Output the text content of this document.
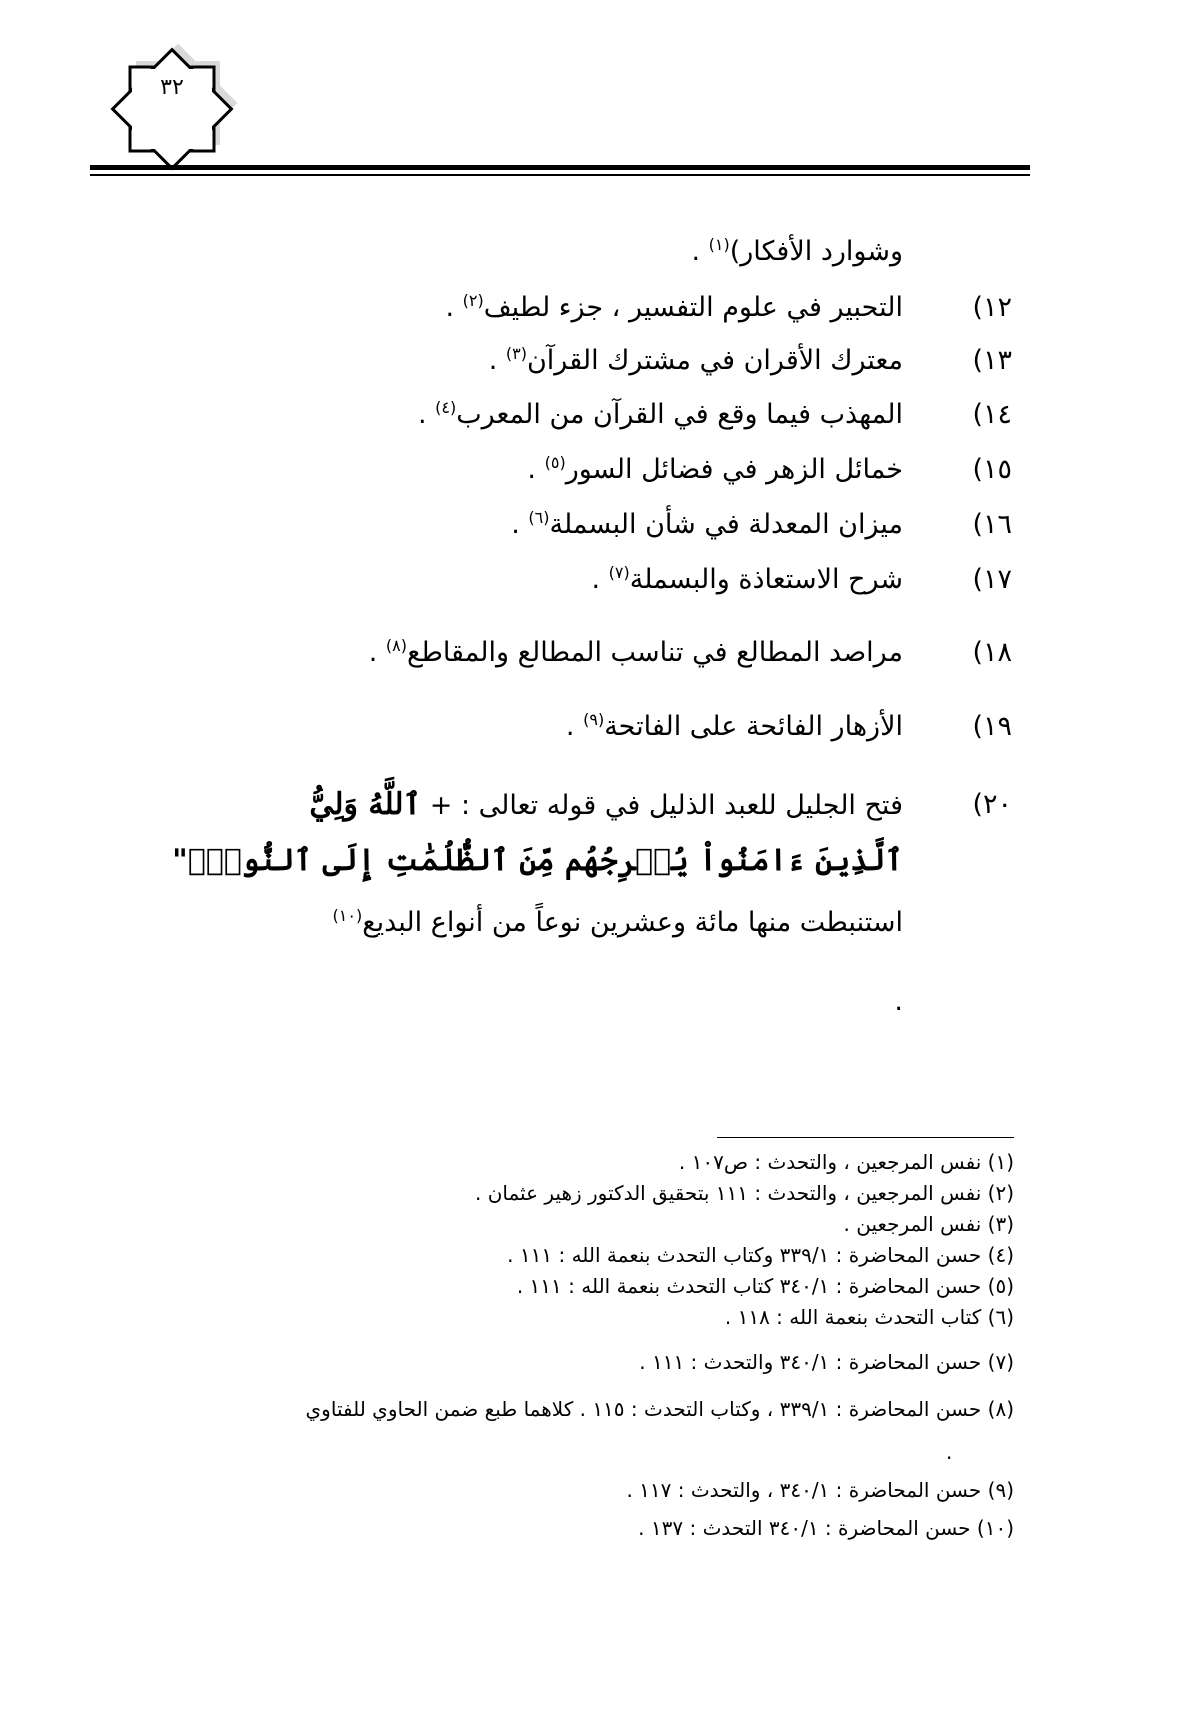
٣٢
وشوارد الأفكار)$^{(١)}$ .
١٢)
التحبير في علوم التفسير ، جزء لطيف$^{(٢)}$ .
١٣)
معترك الأقران في مشترك القرآن$^{(٣)}$ .
١٤)
المهذب فيما وقع في القرآن من المعرب$^{(٤)}$ .
١٥)
خمائل الزهر في فضائل السور$^{(٥)}$ .
١٦)
ميزان المعدلة في شأن البسملة$^{(٦)}$ .
١٧)
شرح الاستعاذة والبسملة$^{(٧)}$ .
١٨)
مراصد المطالع في تناسب المطالع والمقاطع$^{(٨)}$ .
١٩)
الأزهار الفائحة على الفاتحة$^{(٩)}$ .
٢٠)
فتح الجليل للعبد الذليل في قوله تعالى : + ٱللَّهُ وَلِيُّ
ٱلَّذِينَ ءَامَنُواْ يُخۡرِجُهُم مِّنَ ٱلظُّلُمَٰتِ إِلَى ٱلنُّورِۖ"
استنبطت منها مائة وعشرين نوعاً من أنواع البديع$^{(١٠)}$
.
(١) نفس المرجعين ، والتحدث : ص١٠٧ .
(٢) نفس المرجعين ، والتحدث : ١١١ بتحقيق الدكتور زهير عثمان .
(٣) نفس المرجعين .
(٤) حسن المحاضرة : ٣٣٩/١ وكتاب التحدث بنعمة الله : ١١١ .
(٥) حسن المحاضرة : ٣٤٠/١ كتاب التحدث بنعمة الله : ١١١ .
(٦) كتاب التحدث بنعمة الله : ١١٨ .
(٧) حسن المحاضرة : ٣٤٠/١ والتحدث : ١١١ .
(٨) حسن المحاضرة : ٣٣٩/١ ، وكتاب التحدث : ١١٥ . كلاهما طبع ضمن الحاوي للفتاوي
.
(٩) حسن المحاضرة : ٣٤٠/١ ، والتحدث : ١١٧ .
(١٠) حسن المحاضرة : ٣٤٠/١ التحدث : ١٣٧ .
